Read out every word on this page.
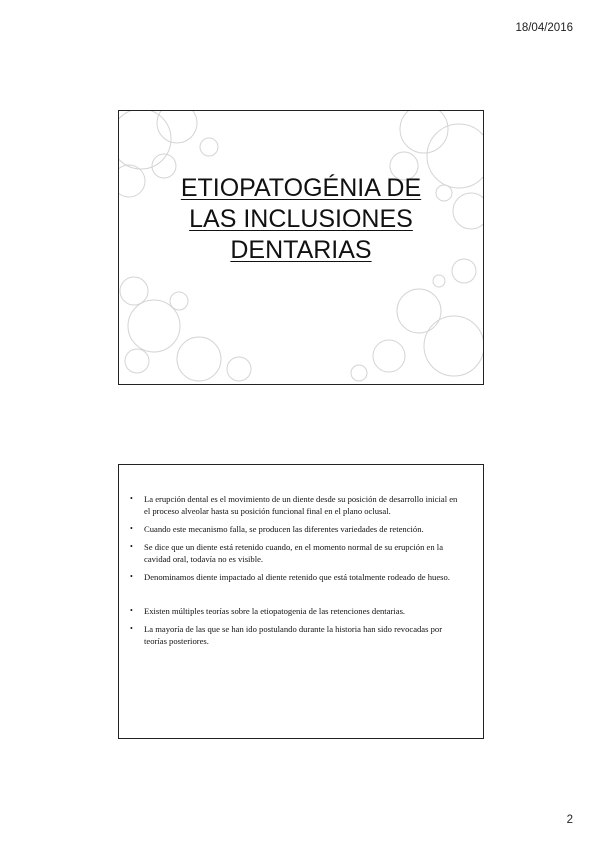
18/04/2016
ETIOPATOGÉNIA DE
LAS INCLUSIONES
DENTARIAS
• La erupción dental es el movimiento de un diente desde su posición de desarrollo inicial en el proceso alveolar hasta su posición funcional final en el plano oclusal.
• Cuando este mecanismo falla, se producen las diferentes variedades de retención.
• Se dice que un diente está retenido cuando, en el momento normal de su erupción en la cavidad oral, todavía no es visible.
• Denominamos diente impactado al diente retenido que está totalmente rodeado de hueso.
• Existen múltiples teorías sobre la etiopatogenia de las retenciones dentarias.
• La mayoría de las que se han ido postulando durante la historia han sido revocadas por teorías posteriores.
2
